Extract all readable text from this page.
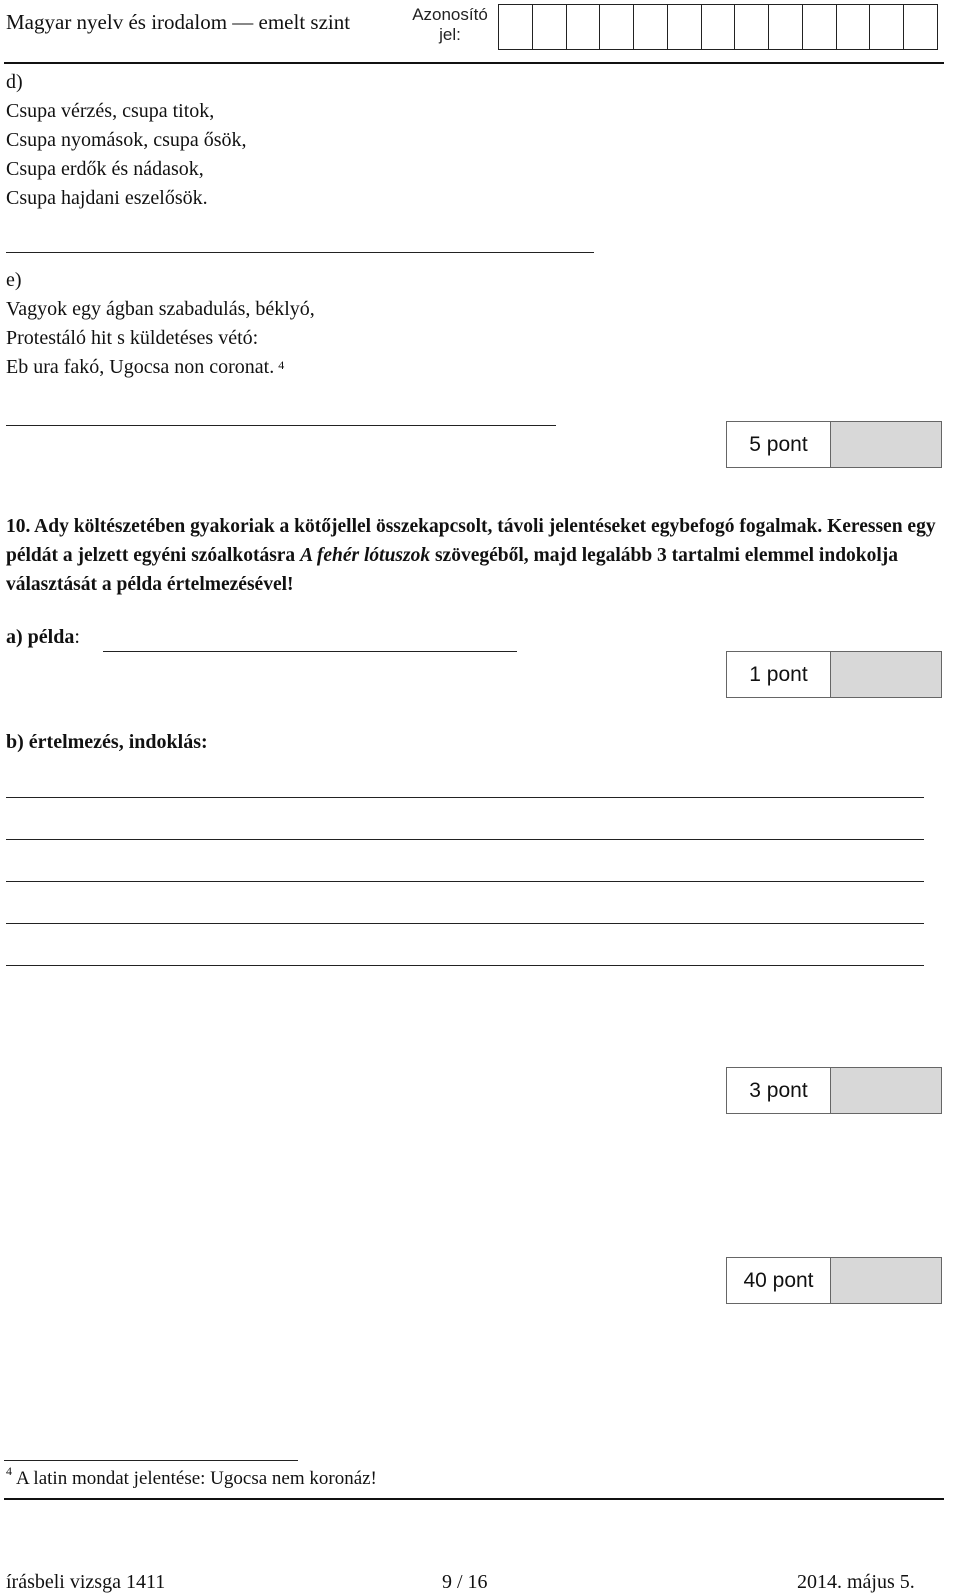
Magyar nyelv és irodalom — emelt szint	Azonosító
jel:
d)
Csupa vérzés, csupa titok,
Csupa nyomások, csupa ősök,
Csupa erdők és nádasok,
Csupa hajdani eszelősök.
e)
Vagyok egy ágban szabadulás, béklyó,
Protestáló hit s küldetéses vétó:
Eb ura fakó, Ugocsa non coronat. $^4$
5 pont
10. Ady költészetében gyakoriak a kötőjellel összekapcsolt, távoli jelentéseket egybefogó fogalmak. Keressen egy példát a jelzett egyéni szóalkotásra A fehér lótuszok szövegéből, majd legalább 3 tartalmi elemmel indokolja választását a példa értelmezésével!
a) példa:
1 pont
b) értelmezés, indoklás:
3 pont
40 pont
$^4$ A latin mondat jelentése: Ugocsa nem koronáz!
írásbeli vizsga 1411	9 / 16	2014. május 5.
